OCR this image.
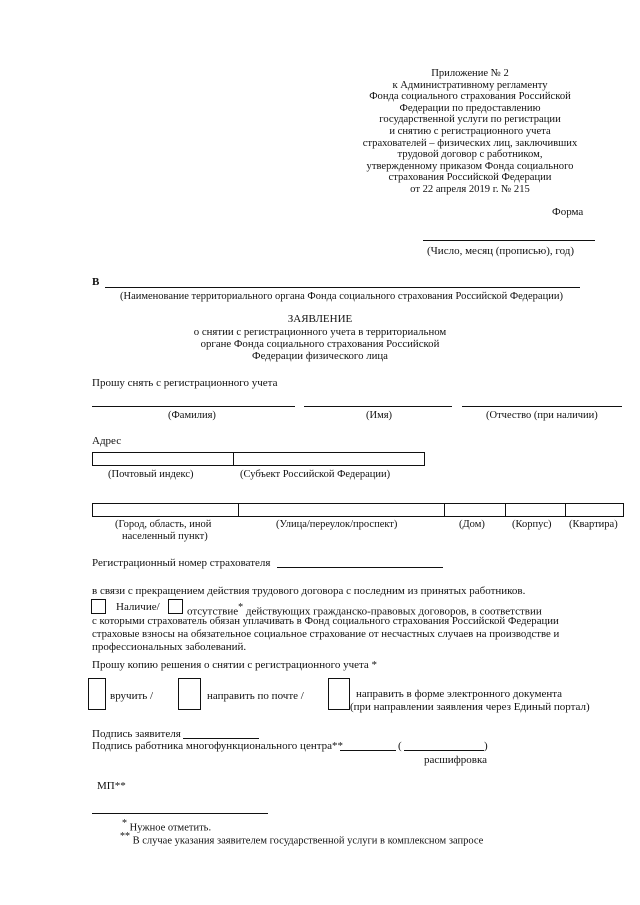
Приложение № 2
к Административному регламенту
Фонда социального страхования Российской
Федерации по предоставлению
государственной услуги по регистрации
и снятию с регистрационного учета
страхователей – физических лиц, заключивших
трудовой договор с работником,
утвержденному приказом Фонда социального
страхования Российской Федерации
от 22 апреля 2019 г. № 215
Форма
(Число, месяц (прописью), год)
В
(Наименование территориального органа Фонда социального страхования Российской Федерации)
ЗАЯВЛЕНИЕ
о снятии с регистрационного учета в территориальном
органе Фонда социального страхования Российской
Федерации физического лица
Прошу снять с регистрационного учета
(Фамилия)	(Имя)	(Отчество (при наличии)
Адрес
(Почтовый индекс)	(Субъект Российской Федерации)
(Город, область, иной
населенный пункт)
(Улица/переулок/проспект)	(Дом)	(Корпус) (Квартира)
Регистрационный номер страхователя
в связи с прекращением действия трудового договора с последним из принятых работников.
Наличие/ отсутствие* действующих гражданско-правовых договоров, в соответствии
с которыми страхователь обязан уплачивать в Фонд социального страхования Российской Федерации
страховые взносы на обязательное социальное страхование от несчастных случаев на производстве и
профессиональных заболеваний.
Прошу копию решения о снятии с регистрационного учета *
вручить /	направить по почте /	направить в форме электронного документа
(при направлении заявления через Единый портал)
Подпись заявителя
Подпись работника многофункционального центра**	(	)
расшифровка
МП**
* Нужное отметить.
** В случае указания заявителем государственной услуги в комплексном запросе
